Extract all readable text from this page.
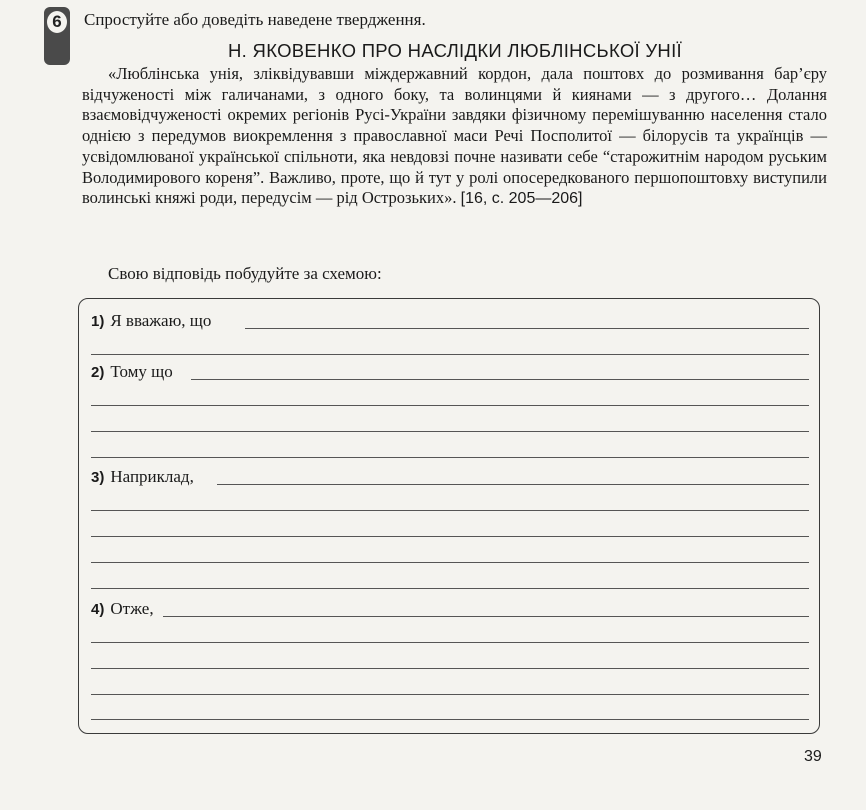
6	Спростуйте або доведіть наведене твердження.
Н. ЯКОВЕНКО ПРО НАСЛІДКИ ЛЮБЛІНСЬКОЇ УНІЇ

«Люблінська унія, зліквідувавши міждержавний кордон, дала поштовх до розмивання бар’єру відчуженості між галичанами, з одного боку, та волинцями й киянами — з другого… Долання взаємовідчуженості окремих регіонів Русі-України завдяки фізичному перемішуванню населення стало однією з передумов виокремлення з православної маси Речі Посполитої — білорусів та українців — усвідомлюваної української спільноти, яка невдовзі почне називати себе “старожитнім народом руським Володимирового кореня”. Важливо, проте, що й тут у ролі опосередкованого першопоштовху виступили волинські княжі роди, передусім — рід Острозьких». [16, с. 205—206]

Свою відповідь побудуйте за схемою:
1) Я вважаю, що
2) Тому що
3) Наприклад,
4) Отже,
39
